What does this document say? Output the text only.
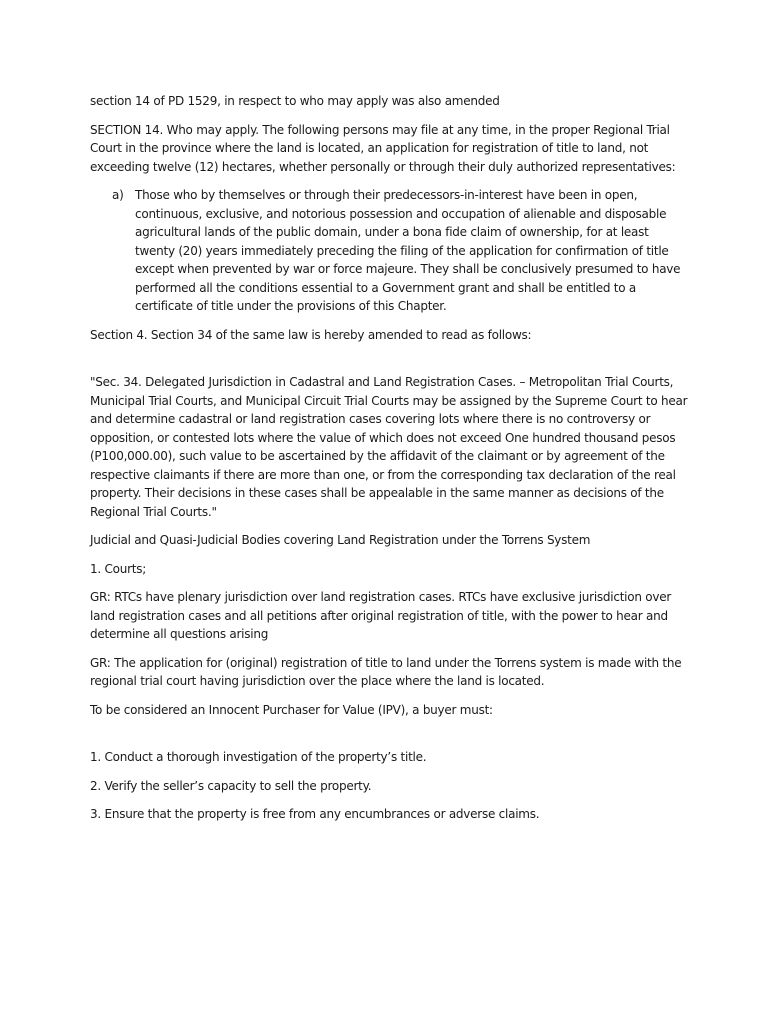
section 14 of PD 1529, in respect to who may apply was also amended

SECTION 14. Who may apply. The following persons may file at any time, in the proper Regional Trial Court in the province where the land is located, an application for registration of title to land, not exceeding twelve (12) hectares, whether personally or through their duly authorized representatives:

a) Those who by themselves or through their predecessors-in-interest have been in open, continuous, exclusive, and notorious possession and occupation of alienable and disposable agricultural lands of the public domain, under a bona fide claim of ownership, for at least twenty (20) years immediately preceding the filing of the application for confirmation of title except when prevented by war or force majeure. They shall be conclusively presumed to have performed all the conditions essential to a Government grant and shall be entitled to a certificate of title under the provisions of this Chapter.

Section 4. Section 34 of the same law is hereby amended to read as follows:

"Sec. 34. Delegated Jurisdiction in Cadastral and Land Registration Cases. – Metropolitan Trial Courts, Municipal Trial Courts, and Municipal Circuit Trial Courts may be assigned by the Supreme Court to hear and determine cadastral or land registration cases covering lots where there is no controversy or opposition, or contested lots where the value of which does not exceed One hundred thousand pesos (P100,000.00), such value to be ascertained by the affidavit of the claimant or by agreement of the respective claimants if there are more than one, or from the corresponding tax declaration of the real property. Their decisions in these cases shall be appealable in the same manner as decisions of the Regional Trial Courts."

Judicial and Quasi-Judicial Bodies covering Land Registration under the Torrens System

1. Courts;

GR: RTCs have plenary jurisdiction over land registration cases. RTCs have exclusive jurisdiction over land registration cases and all petitions after original registration of title, with the power to hear and determine all questions arising

GR: The application for (original) registration of title to land under the Torrens system is made with the regional trial court having jurisdiction over the place where the land is located.

To be considered an Innocent Purchaser for Value (IPV), a buyer must:

1. Conduct a thorough investigation of the property’s title.

2. Verify the seller’s capacity to sell the property.

3. Ensure that the property is free from any encumbrances or adverse claims.
